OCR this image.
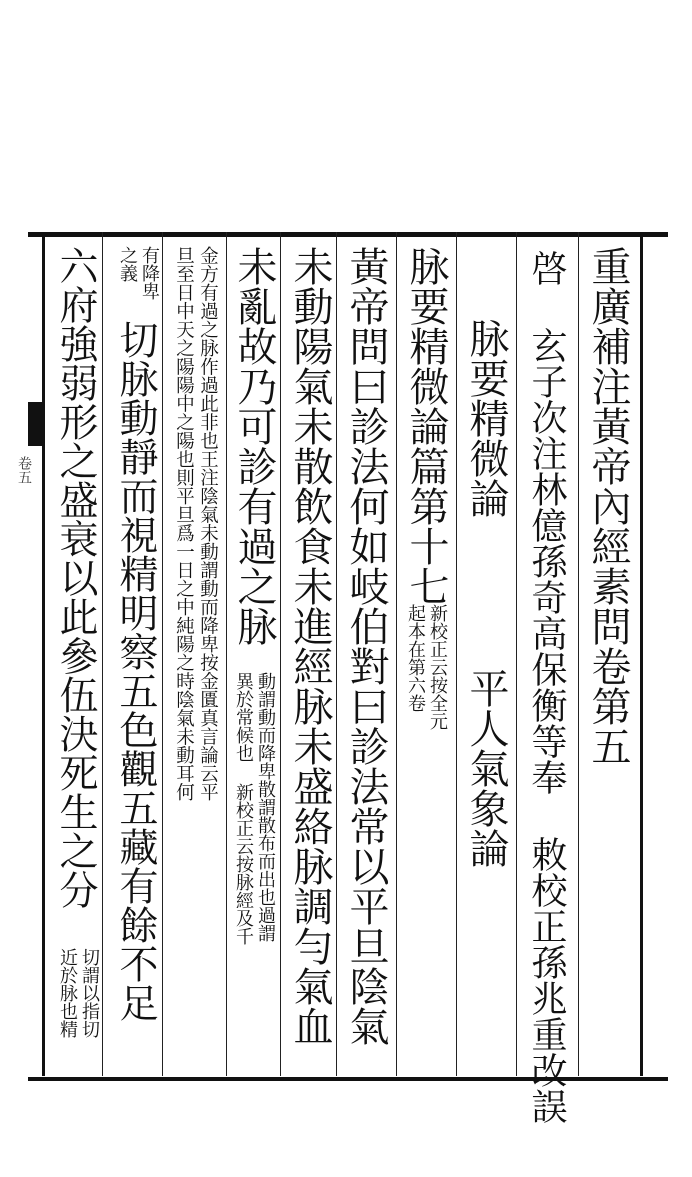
卷五	重廣補注黃帝內經素問卷第五
啓 玄子次注林億孫奇高保衡等奉 敕校正孫兆重改誤
脉要精微論
平人氣象論
脉要精微論篇第十七
新校正云按全元
起本在第六卷
黃帝問曰診法何如岐伯對曰診法常以平旦陰氣
未動陽氣未散飲食未進經脉未盛絡脉調勻氣血
未亂故乃可診有過之脉
動謂動而降卑散謂散布而出也過謂
異於常候也 新校正云按脉經及千
金方有過之脉作過此非也王注陰氣未動謂動而降卑按金匱真言論云平
旦至日中天之陽陽中之陽也則平旦爲一日之中純陽之時陰氣未動耳何
有降卑
之義
切脉動靜而視精明察五色觀五藏有餘不足
六府強弱形之盛衰以此參伍決死生之分
切謂以指切
近於脉也精
